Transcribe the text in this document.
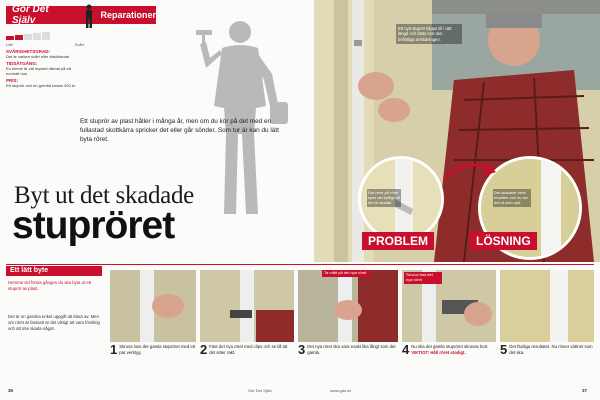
Gör Det Själv	Reparationer
Lätt	Svårt
SVÅRIGHETSGRAD:
Det är varken svårt eller tidsödande.
TIDSÅTGÅNG:
En timme är väl mycket räknat på ett normalt hus.
PRIS:
Ett stuprör och en grenbit kostar 300 kr.
Ett stuprör av plast håller i många år, men om du kör på det med en fullastad skottkärra spricker det eller går sönder. Som tur är kan du lätt byta röret.
Byt ut det skadade
stupröret
Ett nytt stuprör klipps till i rätt längd och fästs mot den befintliga anslutningen.
Det nere på röret syns det tydligt att det är skadat.
Det skadade röret ersattes och nu ser det ut som nytt.
PROBLEM	LÖSNING
Ett lätt byte
Hemma vid första gången du ska byta ut ett stuprör av plast.
Det är en ganska enkel uppgift att klara av. Men om röret är fastsatt är det viktigt att vara försiktig och att inte skada något.
Ta mått på det nya röret	Skruva fast det nya röret
1 Skruva loss det gamla stupröret med ett par verktyg.	2 Fäst det nya röret med clips och se till att det sitter rakt.	3 Det nya röret ska vara exakt lika långt som det gamla.	4 Nu ska det gamla stupröret skruvas bort. VIKTIGT: Håll röret stadigt.	5 Det färdiga resultatet. Nu rinner vattnet som det ska.
36	Gör Det Själv	www.gds.se	37
